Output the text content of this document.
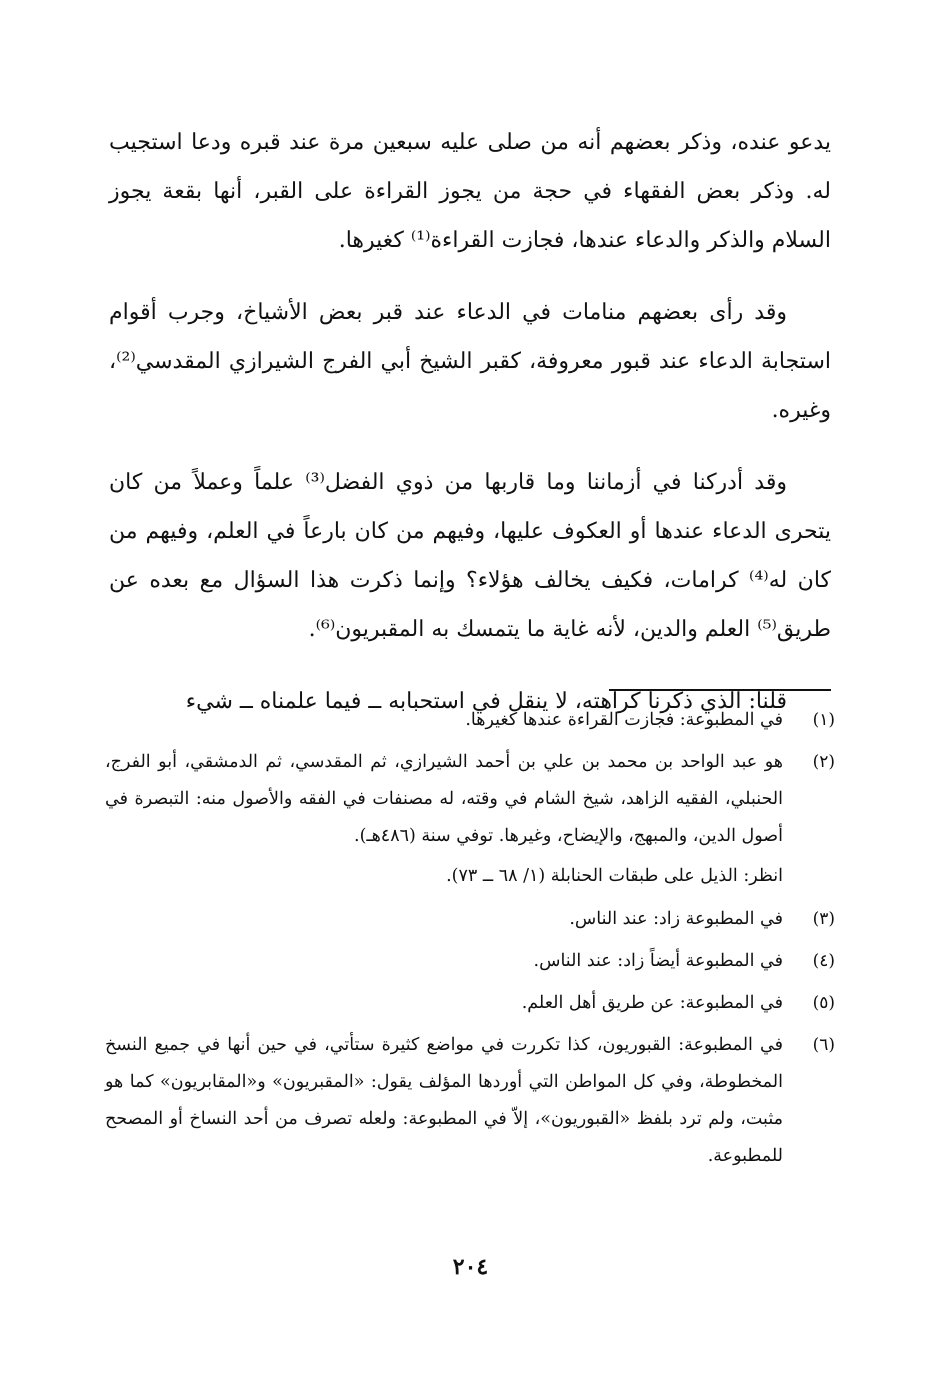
يدعو عنده، وذكر بعضهم أنه من صلى عليه سبعين مرة عند قبره ودعا استجيب له. وذكر بعض الفقهاء في حجة من يجوز القراءة على القبر، أنها بقعة يجوز السلام والذكر والدعاء عندها، فجازت القراءة⁽¹⁾ كغيرها.

وقد رأى بعضهم منامات في الدعاء عند قبر بعض الأشياخ، وجرب أقوام استجابة الدعاء عند قبور معروفة، كقبر الشيخ أبي الفرج الشيرازي المقدسي⁽²⁾، وغيره.

وقد أدركنا في أزماننا وما قاربها من ذوي الفضل⁽³⁾ علماً وعملاً من كان يتحرى الدعاء عندها أو العكوف عليها، وفيهم من كان بارعاً في العلم، وفيهم من كان له⁽⁴⁾ كرامات، فكيف يخالف هؤلاء؟ وإنما ذكرت هذا السؤال مع بعده عن طريق⁽⁵⁾ العلم والدين، لأنه غاية ما يتمسك به المقبريون⁽⁶⁾.

قلنا: الذي ذكرنا كراهته، لا ينقل في استحبابه ــ فيما علمناه ــ شيء

(١)
في المطبوعة: فجازت القراءة عندها كغيرها.
(٢)
هو عبد الواحد بن محمد بن علي بن أحمد الشيرازي، ثم المقدسي، ثم الدمشقي، أبو الفرج، الحنبلي، الفقيه الزاهد، شيخ الشام في وقته، له مصنفات في الفقه والأصول منه: التبصرة في أصول الدين، والمبهج، والإيضاح، وغيرها. توفي سنة (٤٨٦هـ).
انظر: الذيل على طبقات الحنابلة (١/ ٦٨ ــ ٧٣).
(٣)
في المطبوعة زاد: عند الناس.
(٤)
في المطبوعة أيضاً زاد: عند الناس.
(٥)
في المطبوعة: عن طريق أهل العلم.
(٦)
في المطبوعة: القبوريون، كذا تكررت في مواضع كثيرة ستأتي، في حين أنها في جميع النسخ المخطوطة، وفي كل المواطن التي أوردها المؤلف يقول: «المقبريون» و«المقابريون» كما هو مثبت، ولم ترد بلفظ «القبوريون»، إلاّ في المطبوعة: ولعله تصرف من أحد النساخ أو المصحح للمطبوعة.
٢٠٤
